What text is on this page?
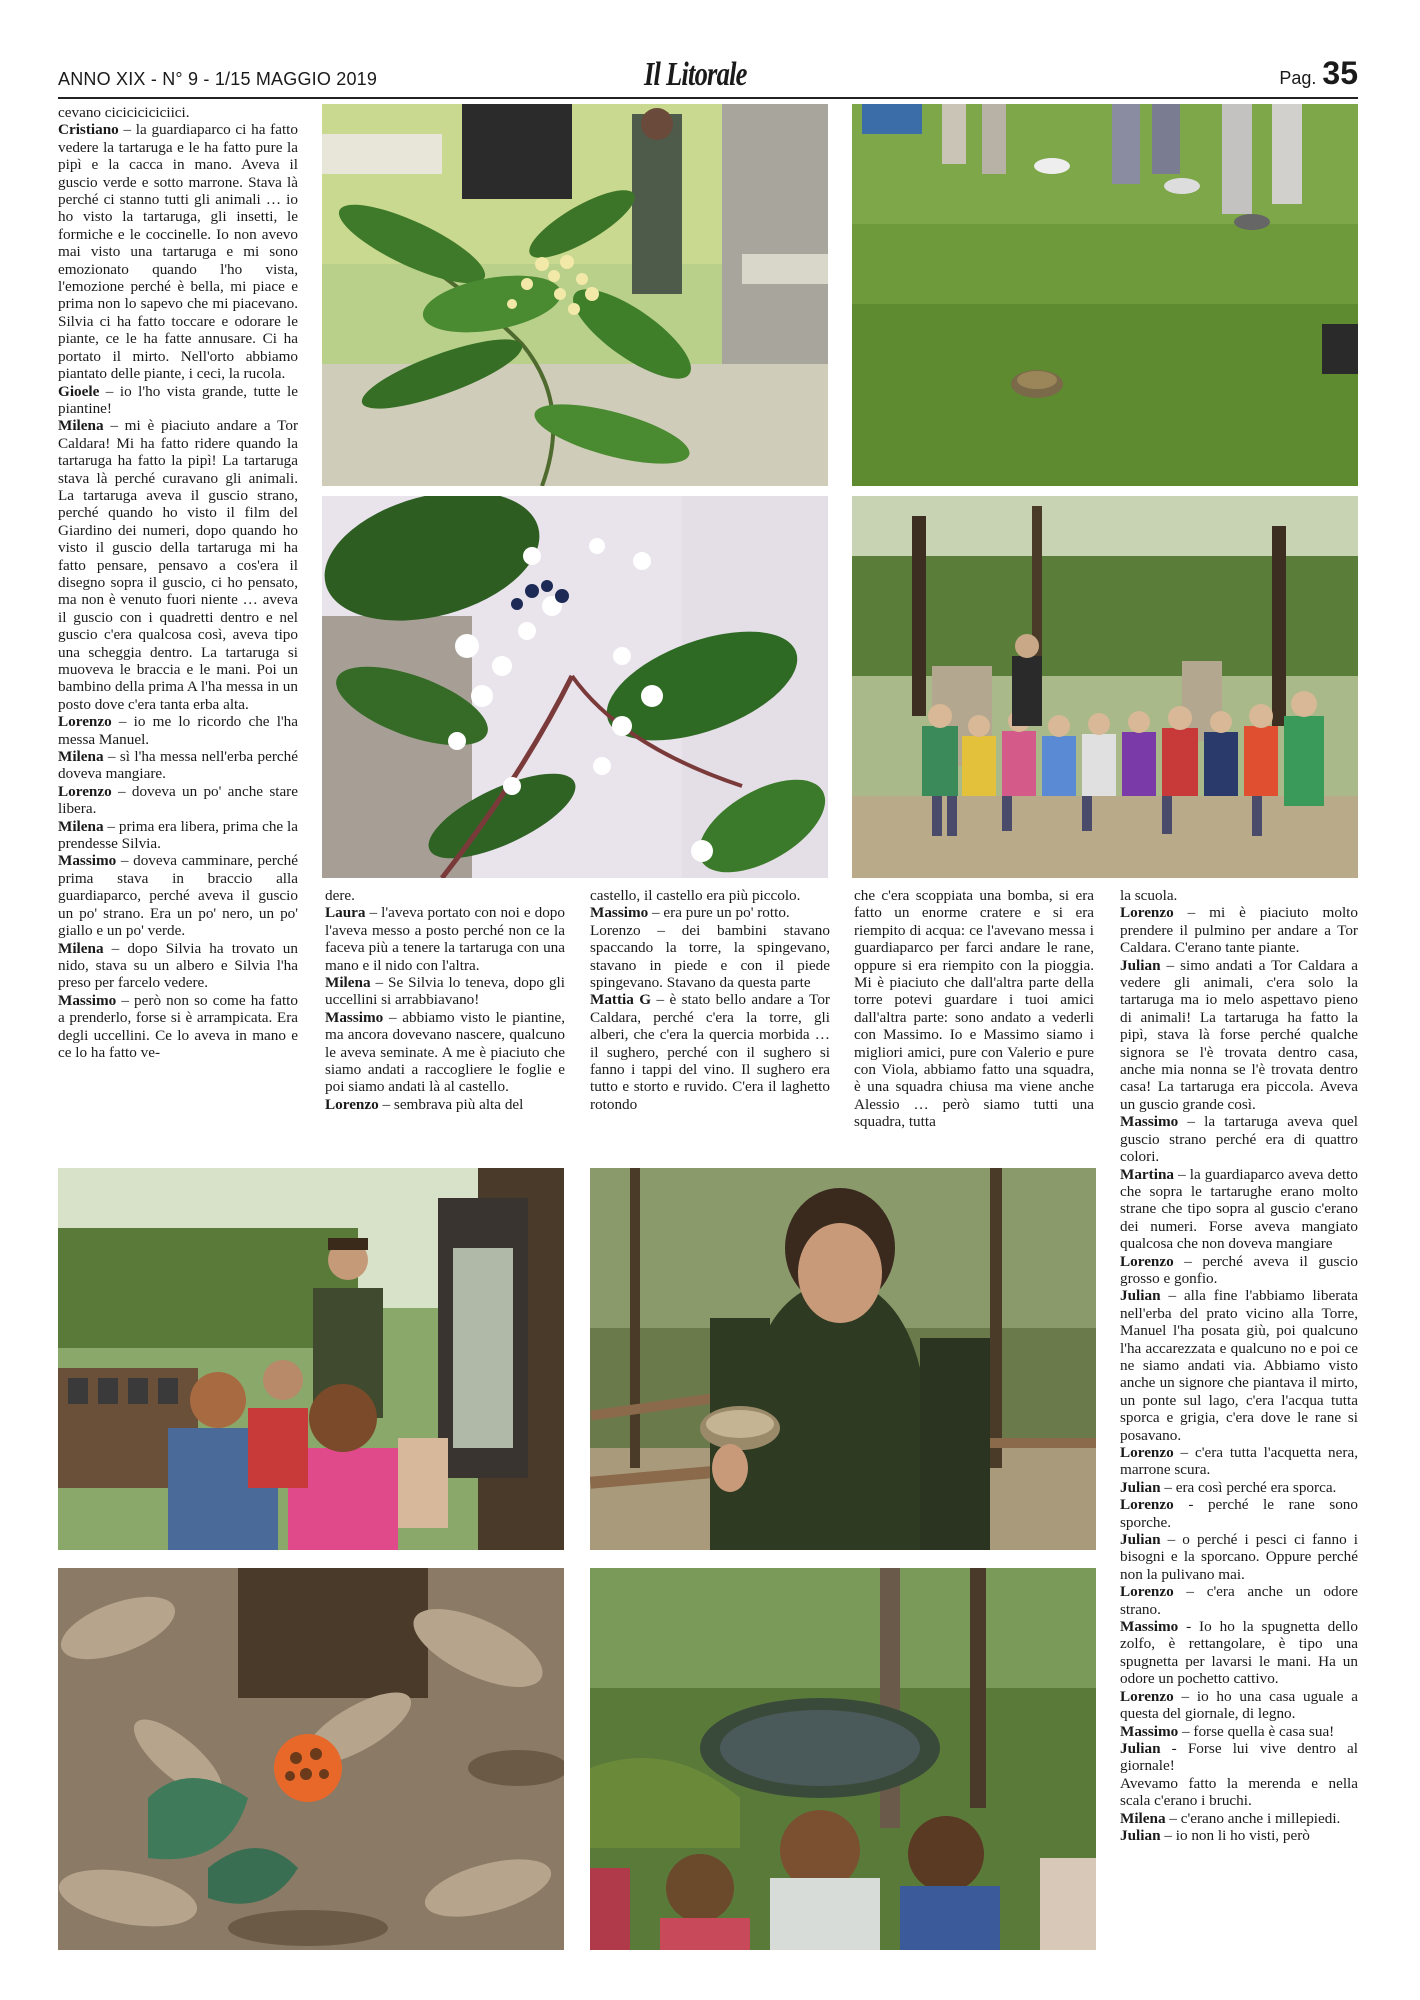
ANNO XIX - N° 9 - 1/15 MAGGIO 2019	Il Litorale	Pag. 35

cevano ciciciciciciici.

Cristiano – la guardiaparco ci ha fatto vedere la tartaruga e le ha fatto pure la pipì e la cacca in mano. Aveva il guscio verde e sotto marrone. Stava là perché ci stanno tutti gli animali … io ho visto la tartaruga, gli insetti, le formiche e le coccinelle. Io non avevo mai visto una tartaruga e mi sono emozionato quando l'ho vista, l'emozione perché è bella, mi piace e prima non lo sapevo che mi piacevano. Silvia ci ha fatto toccare e odorare le piante, ce le ha fatte annusare. Ci ha portato il mirto. Nell'orto abbiamo piantato delle piante, i ceci, la rucola.

Gioele – io l'ho vista grande, tutte le piantine!

Milena – mi è piaciuto andare a Tor Caldara! Mi ha fatto ridere quando la tartaruga ha fatto la pipì! La tartaruga stava là perché curavano gli animali. La tartaruga aveva il guscio strano, perché quando ho visto il film del Giardino dei numeri, dopo quando ho visto il guscio della tartaruga mi ha fatto pensare, pensavo a cos'era il disegno sopra il guscio, ci ho pensato, ma non è venuto fuori niente … aveva il guscio con i quadretti dentro e nel guscio c'era qualcosa così, aveva tipo una scheggia dentro. La tartaruga si muoveva le braccia e le mani. Poi un bambino della prima A l'ha messa in un posto dove c'era tanta erba alta.

Lorenzo – io me lo ricordo che l'ha messa Manuel.

Milena – sì l'ha messa nell'erba perché doveva mangiare.

Lorenzo – doveva un po' anche stare libera.

Milena – prima era libera, prima che la prendesse Silvia.

Massimo – doveva camminare, perché prima stava in braccio alla guardiaparco, perché aveva il guscio un po' strano. Era un po' nero, un po' giallo e un po' verde.

Milena – dopo Silvia ha trovato un nido, stava su un albero e Silvia l'ha preso per farcelo vedere.

Massimo – però non so come ha fatto a prenderlo, forse si è arrampicata. Era degli uccellini. Ce lo aveva in mano e ce lo ha fatto ve-

dere.

Laura – l'aveva portato con noi e dopo l'aveva messo a posto perché non ce la faceva più a tenere la tartaruga con una mano e il nido con l'altra.

Milena – Se Silvia lo teneva, dopo gli uccellini si arrabbiavano!

Massimo – abbiamo visto le piantine, ma ancora dovevano nascere, qualcuno le aveva seminate. A me è piaciuto che siamo andati a raccogliere le foglie e poi siamo andati là al castello.

Lorenzo – sembrava più alta del

castello, il castello era più piccolo.

Massimo – era pure un po' rotto.

Lorenzo – dei bambini stavano spaccando la torre, la spingevano, stavano in piede e con il piede spingevano. Stavano da questa parte

Mattia G – è stato bello andare a Tor Caldara, perché c'era la torre, gli alberi, che c'era la quercia morbida … il sughero, perché con il sughero si fanno i tappi del vino. Il sughero era tutto e storto e ruvido. C'era il laghetto rotondo

che c'era scoppiata una bomba, si era fatto un enorme cratere e si era riempito di acqua: ce l'avevano messa i guardiaparco per farci andare le rane, oppure si era riempito con la pioggia. Mi è piaciuto che dall'altra parte della torre potevi guardare i tuoi amici dall'altra parte: sono andato a vederli con Massimo. Io e Massimo siamo i migliori amici, pure con Valerio e pure con Viola, abbiamo fatto una squadra, è una squadra chiusa ma viene anche Alessio … però siamo tutti una squadra, tutta

la scuola.

Lorenzo – mi è piaciuto molto prendere il pulmino per andare a Tor Caldara. C'erano tante piante.

Julian – simo andati a Tor Caldara a vedere gli animali, c'era solo la tartaruga ma io melo aspettavo pieno di animali! La tartaruga ha fatto la pipì, stava là forse perché qualche signora se l'è trovata dentro casa, anche mia nonna se l'è trovata dentro casa! La tartaruga era piccola. Aveva un guscio grande così.

Massimo – la tartaruga aveva quel guscio strano perché era di quattro colori.

Martina – la guardiaparco aveva detto che sopra le tartarughe erano molto strane che tipo sopra al guscio c'erano dei numeri. Forse aveva mangiato qualcosa che non doveva mangiare

Lorenzo – perché aveva il guscio grosso e gonfio.

Julian – alla fine l'abbiamo liberata nell'erba del prato vicino alla Torre, Manuel l'ha posata giù, poi qualcuno l'ha accarezzata e qualcuno no e poi ce ne siamo andati via. Abbiamo visto anche un signore che piantava il mirto, un ponte sul lago, c'era l'acqua tutta sporca e grigia, c'era dove le rane si posavano.

Lorenzo – c'era tutta l'acquetta nera, marrone scura.

Julian – era così perché era sporca.

Lorenzo - perché le rane sono sporche.

Julian – o perché i pesci ci fanno i bisogni e la sporcano. Oppure perché non la pulivano mai.

Lorenzo – c'era anche un odore strano.

Massimo - Io ho la spugnetta dello zolfo, è rettangolare, è tipo una spugnetta per lavarsi le mani. Ha un odore un pochetto cattivo.

Lorenzo – io ho una casa uguale a questa del giornale, di legno.

Massimo – forse quella è casa sua!

Julian - Forse lui vive dentro al giornale!

Avevamo fatto la merenda e nella scala c'erano i bruchi.

Milena – c'erano anche i millepiedi.

Julian – io non li ho visti, però
